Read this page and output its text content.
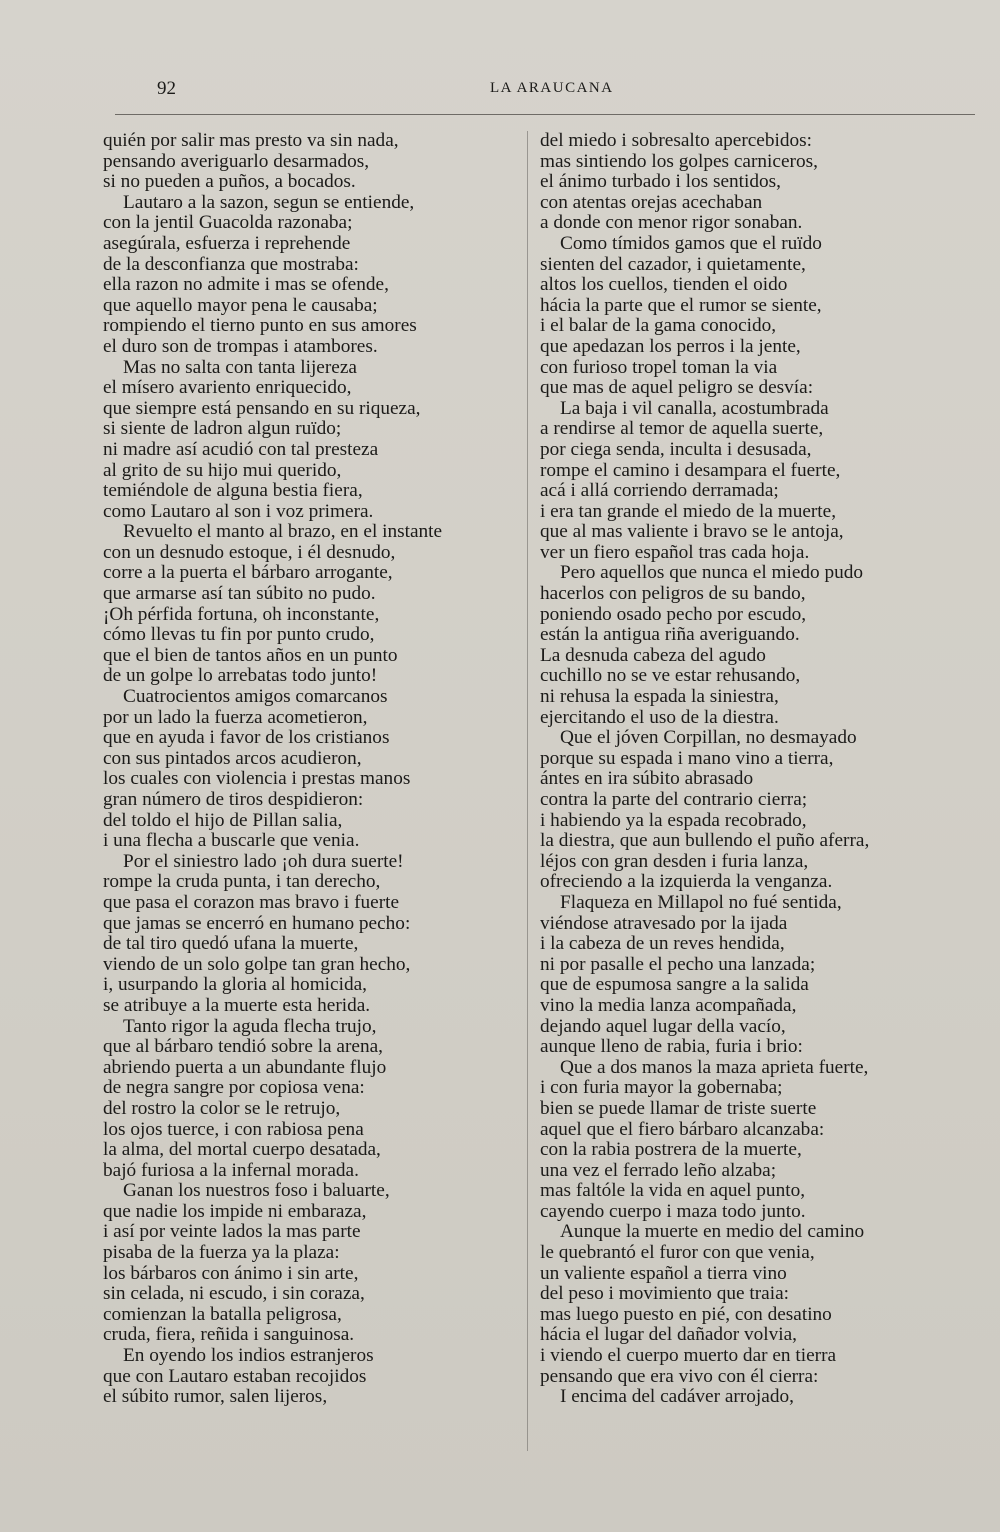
92	LA ARAUCANA
quién por salir mas presto va sin nada,
pensando averiguarlo desarmados,
si no pueden a puños, a bocados.
Lautaro a la sazon, segun se entiende,
con la jentil Guacolda razonaba;
asegúrala, esfuerza i reprehende
de la desconfianza que mostraba:
ella razon no admite i mas se ofende,
que aquello mayor pena le causaba;
rompiendo el tierno punto en sus amores
el duro son de trompas i atambores.
Mas no salta con tanta lijereza
el mísero avariento enriquecido,
que siempre está pensando en su riqueza,
si siente de ladron algun ruïdo;
ni madre así acudió con tal presteza
al grito de su hijo mui querido,
temiéndole de alguna bestia fiera,
como Lautaro al son i voz primera.
Revuelto el manto al brazo, en el instante
con un desnudo estoque, i él desnudo,
corre a la puerta el bárbaro arrogante,
que armarse así tan súbito no pudo.
¡Oh pérfida fortuna, oh inconstante,
cómo llevas tu fin por punto crudo,
que el bien de tantos años en un punto
de un golpe lo arrebatas todo junto!
Cuatrocientos amigos comarcanos
por un lado la fuerza acometieron,
que en ayuda i favor de los cristianos
con sus pintados arcos acudieron,
los cuales con violencia i prestas manos
gran número de tiros despidieron:
del toldo el hijo de Pillan salia,
i una flecha a buscarle que venia.
Por el siniestro lado ¡oh dura suerte!
rompe la cruda punta, i tan derecho,
que pasa el corazon mas bravo i fuerte
que jamas se encerró en humano pecho:
de tal tiro quedó ufana la muerte,
viendo de un solo golpe tan gran hecho,
i, usurpando la gloria al homicida,
se atribuye a la muerte esta herida.
Tanto rigor la aguda flecha trujo,
que al bárbaro tendió sobre la arena,
abriendo puerta a un abundante flujo
de negra sangre por copiosa vena:
del rostro la color se le retrujo,
los ojos tuerce, i con rabiosa pena
la alma, del mortal cuerpo desatada,
bajó furiosa a la infernal morada.
Ganan los nuestros foso i baluarte,
que nadie los impide ni embaraza,
i así por veinte lados la mas parte
pisaba de la fuerza ya la plaza:
los bárbaros con ánimo i sin arte,
sin celada, ni escudo, i sin coraza,
comienzan la batalla peligrosa,
cruda, fiera, reñida i sanguinosa.
En oyendo los indios estranjeros
que con Lautaro estaban recojidos
el súbito rumor, salen lijeros,
del miedo i sobresalto apercebidos:
mas sintiendo los golpes carniceros,
el ánimo turbado i los sentidos,
con atentas orejas acechaban
a donde con menor rigor sonaban.
Como tímidos gamos que el ruïdo
sienten del cazador, i quietamente,
altos los cuellos, tienden el oido
hácia la parte que el rumor se siente,
i el balar de la gama conocido,
que apedazan los perros i la jente,
con furioso tropel toman la via
que mas de aquel peligro se desvía:
La baja i vil canalla, acostumbrada
a rendirse al temor de aquella suerte,
por ciega senda, inculta i desusada,
rompe el camino i desampara el fuerte,
acá i allá corriendo derramada;
i era tan grande el miedo de la muerte,
que al mas valiente i bravo se le antoja,
ver un fiero español tras cada hoja.
Pero aquellos que nunca el miedo pudo
hacerlos con peligros de su bando,
poniendo osado pecho por escudo,
están la antigua riña averiguando.
La desnuda cabeza del agudo
cuchillo no se ve estar rehusando,
ni rehusa la espada la siniestra,
ejercitando el uso de la diestra.
Que el jóven Corpillan, no desmayado
porque su espada i mano vino a tierra,
ántes en ira súbito abrasado
contra la parte del contrario cierra;
i habiendo ya la espada recobrado,
la diestra, que aun bullendo el puño aferra,
léjos con gran desden i furia lanza,
ofreciendo a la izquierda la venganza.
Flaqueza en Millapol no fué sentida,
viéndose atravesado por la ijada
i la cabeza de un reves hendida,
ni por pasalle el pecho una lanzada;
que de espumosa sangre a la salida
vino la media lanza acompañada,
dejando aquel lugar della vacío,
aunque lleno de rabia, furia i brio:
Que a dos manos la maza aprieta fuerte,
i con furia mayor la gobernaba;
bien se puede llamar de triste suerte
aquel que el fiero bárbaro alcanzaba:
con la rabia postrera de la muerte,
una vez el ferrado leño alzaba;
mas faltóle la vida en aquel punto,
cayendo cuerpo i maza todo junto.
Aunque la muerte en medio del camino
le quebrantó el furor con que venia,
un valiente español a tierra vino
del peso i movimiento que traia:
mas luego puesto en pié, con desatino
hácia el lugar del dañador volvia,
i viendo el cuerpo muerto dar en tierra
pensando que era vivo con él cierra:
I encima del cadáver arrojado,
